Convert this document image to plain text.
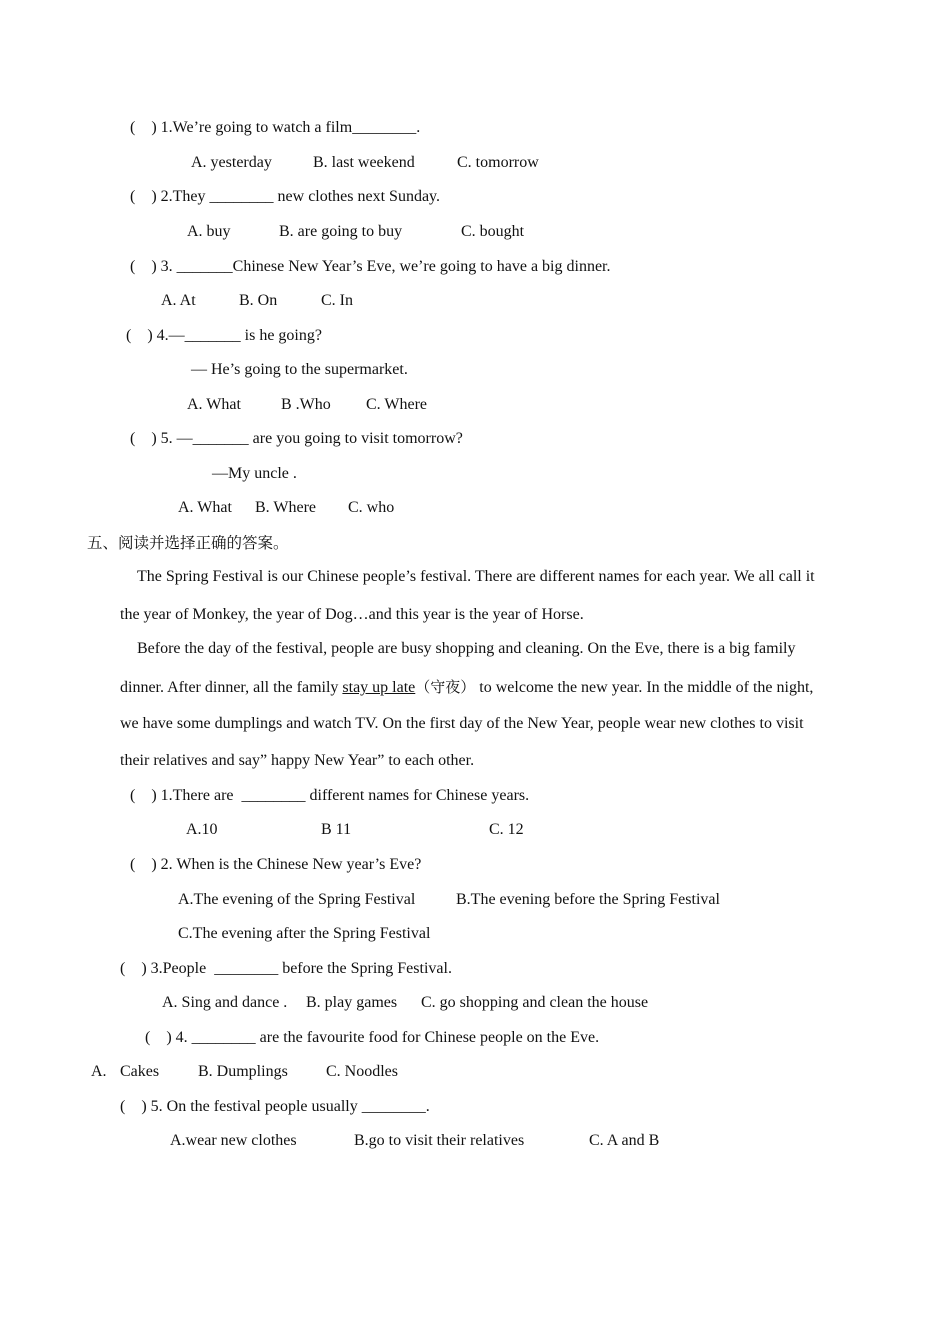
(    ) 1.We’re going to watch a film________.
A. yesterday	B. last weekend	C. tomorrow
(    ) 2.They ________ new clothes next Sunday.
A. buy	B. are going to buy	C. bought
(    ) 3. _______Chinese New Year’s Eve, we’re going to have a big dinner.
A. At	B. On	C. In
(    ) 4.—_______ is he going?
— He’s going to the supermarket.
A. What	B .Who C. Where
(    ) 5. —_______ are you going to visit tomorrow?
—My uncle .
A. What B. Where C. who
五、阅读并选择正确的答案。
The Spring Festival is our Chinese people’s festival. There are different names for each year. We all call it
the year of Monkey, the year of Dog…and this year is the year of Horse.
Before the day of the festival, people are busy shopping and cleaning. On the Eve, there is a big family
dinner. After dinner, all the family stay up late（守夜） to welcome the new year. In the middle of the night,
we have some dumplings and watch TV. On the first day of the New Year, people wear new clothes to visit
their relatives and say” happy New Year” to each other.
(    ) 1.There are  ________ different names for Chinese years.
A.10	B 11	C. 12
(    ) 2. When is the Chinese New year’s Eve?
A.The evening of the Spring Festival	B.The evening before the Spring Festival
C.The evening after the Spring Festival
(    ) 3.People  ________ before the Spring Festival.
A. Sing and dance . B. play games C. go shopping and clean the house
(    ) 4. ________ are the favourite food for Chinese people on the Eve.
A. Cakes B. Dumplings C. Noodles
(    ) 5. On the festival people usually ________.
A.wear new clothes	B.go to visit their relatives	C. A and B
